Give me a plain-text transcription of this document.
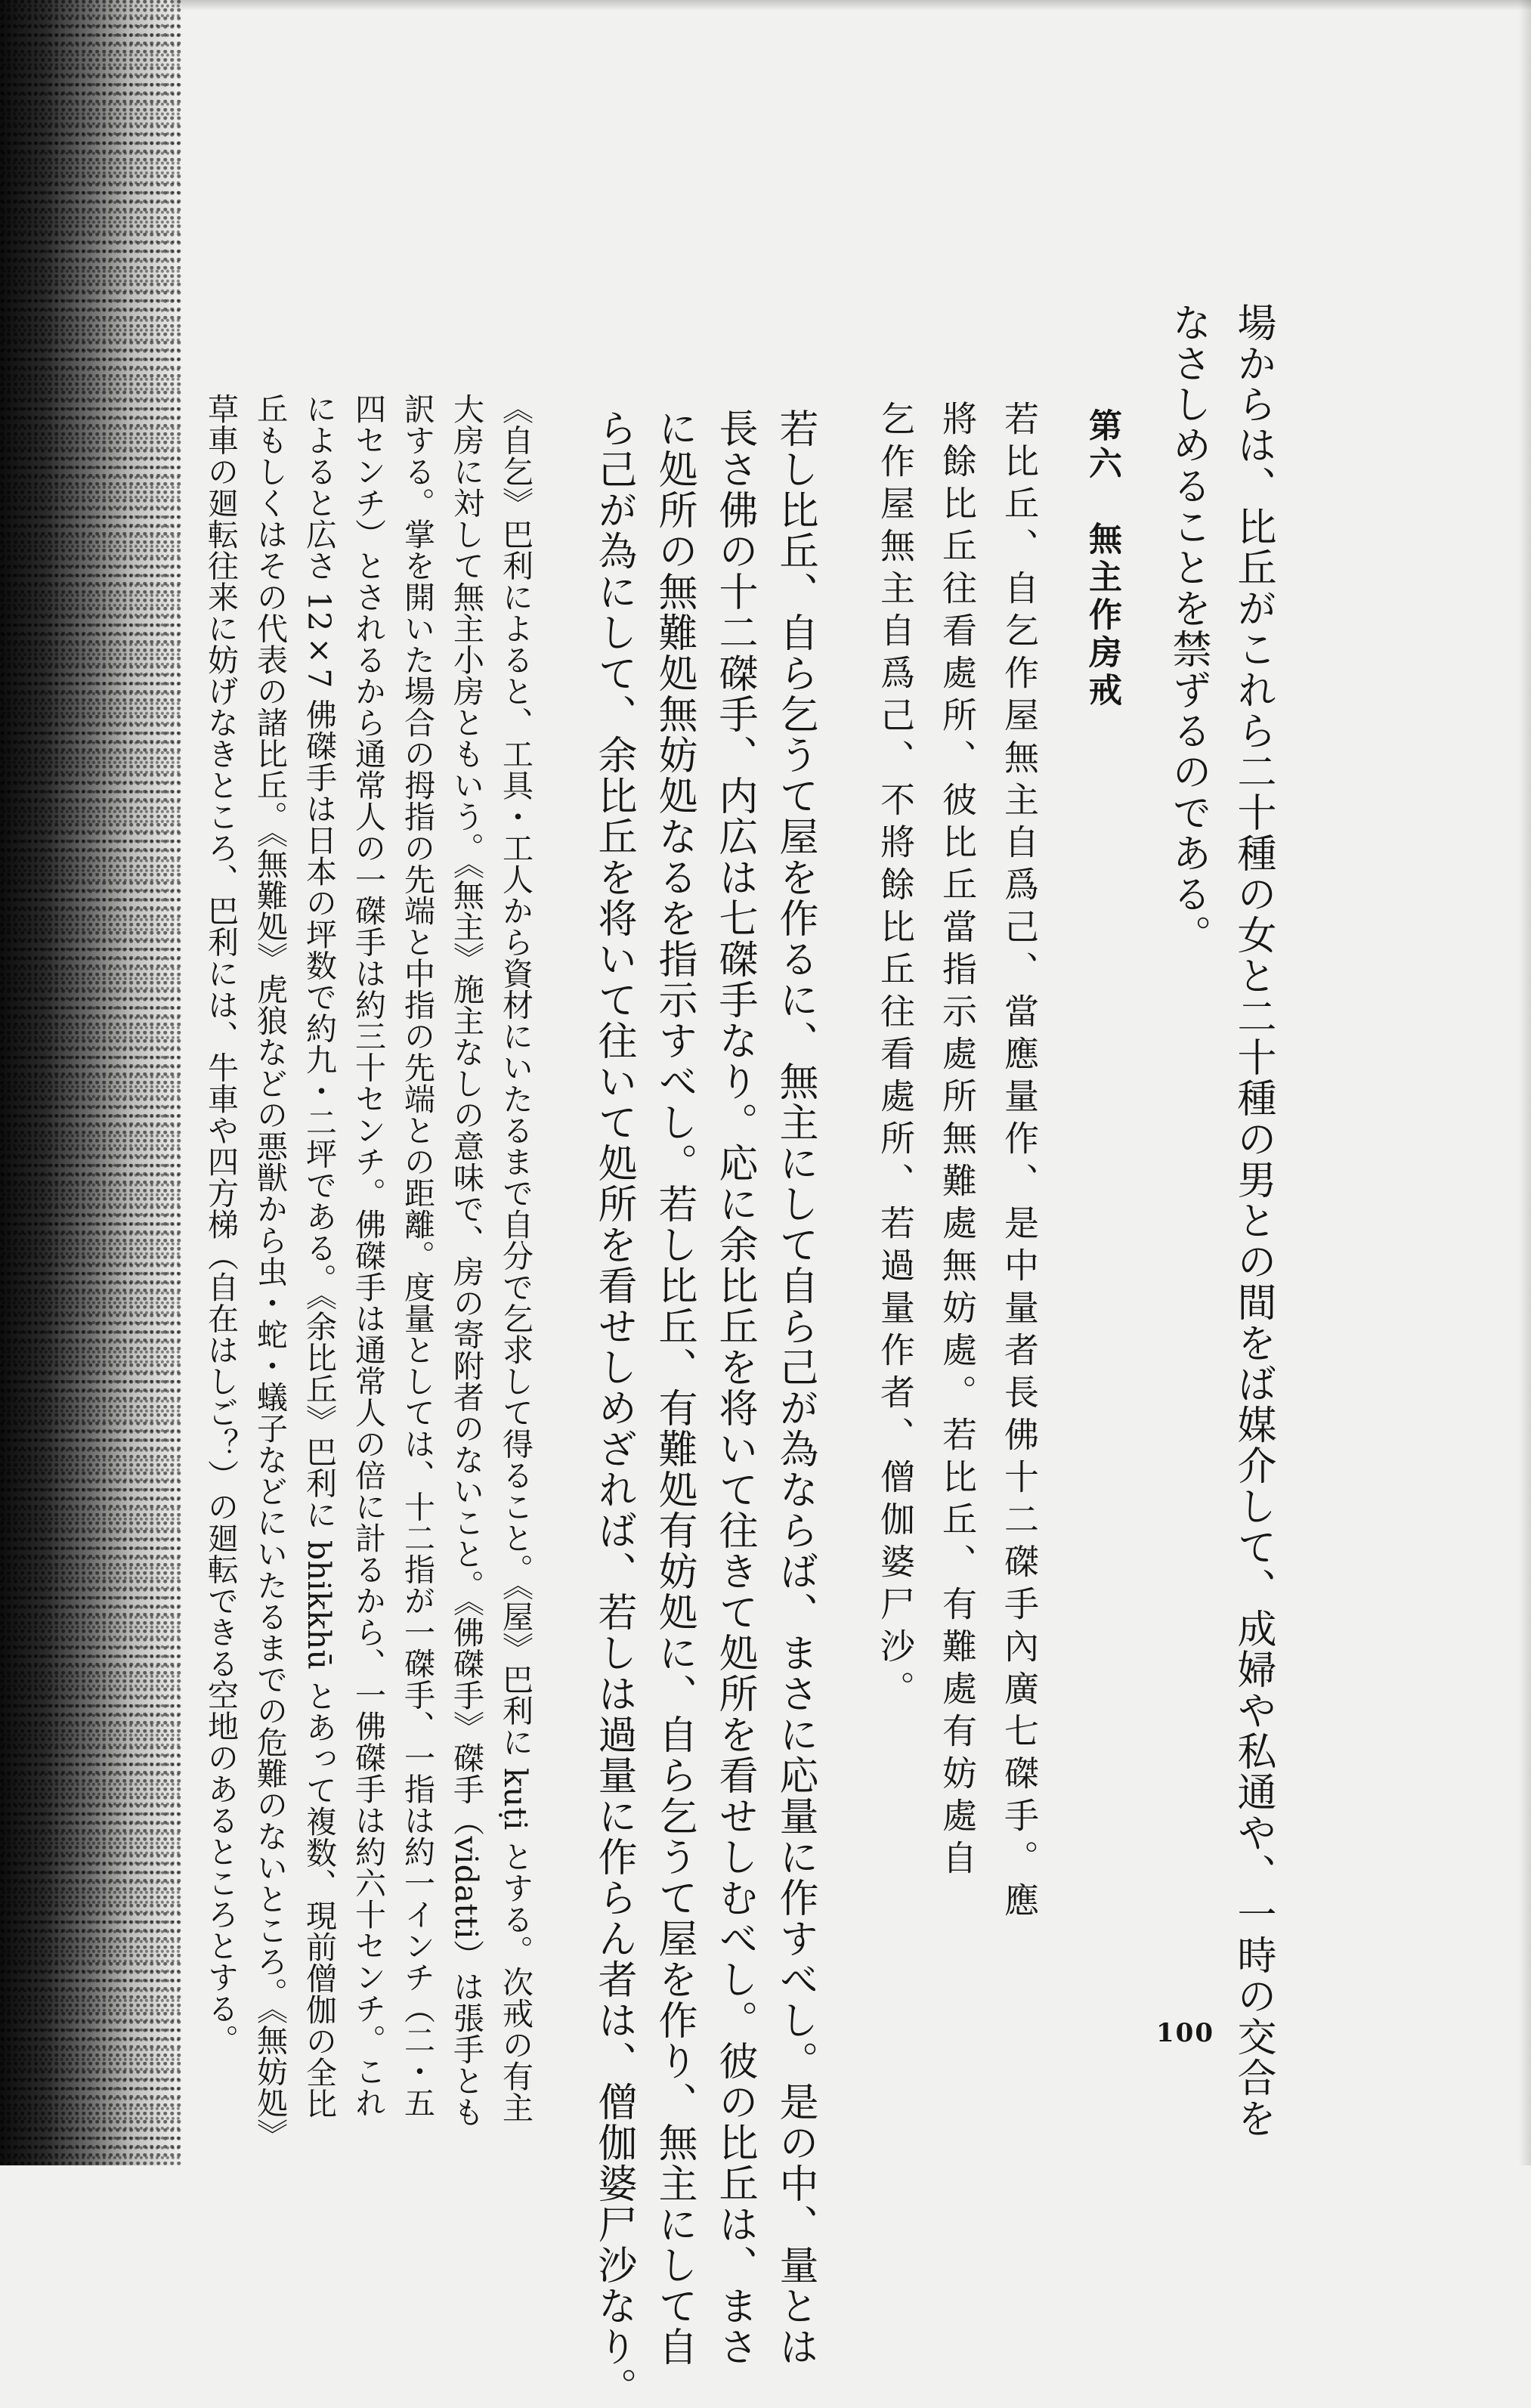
場からは、比丘がこれら二十種の女と二十種の男との間をば媒介して、成婦や私通や、一時の交合を
なさしめることを禁ずるのである。
第六　無主作房戒
若比丘、自乞作屋無主自爲己、當應量作、是中量者長佛十二磔手內廣七磔手。應
將餘比丘往看處所、彼比丘當指示處所無難處無妨處。若比丘、有難處有妨處自
乞作屋無主自爲己、不將餘比丘往看處所、若過量作者、僧伽婆尸沙。
若し比丘、自ら乞うて屋を作るに、無主にして自ら己が為ならば、まさに応量に作すべし。是の中、量とは
長さ佛の十二磔手、内広は七磔手なり。応に余比丘を将いて往きて処所を看せしむべし。彼の比丘は、まさ
に処所の無難処無妨処なるを指示すべし。若し比丘、有難処有妨処に、自ら乞うて屋を作り、無主にして自
ら己が為にして、余比丘を将いて往いて処所を看せしめざれば、若しは過量に作らん者は、僧伽婆尸沙なり。
《自乞》巴利によると、工具・工人から資材にいたるまで自分で乞求して得ること。《屋》巴利に kuṭi とする。次戒の有主
大房に対して無主小房ともいう。《無主》施主なしの意味で、房の寄附者のないこと。《佛磔手》磔手（vidatti）は張手とも
訳する。掌を開いた場合の拇指の先端と中指の先端との距離。度量としては、十二指が一磔手、一指は約一インチ（二・五
四センチ）とされるから通常人の一磔手は約三十センチ。佛磔手は通常人の倍に計るから、一佛磔手は約六十センチ。これ
によると広さ 12×7 佛磔手は日本の坪数で約九・二坪である。《余比丘》巴利に bhikkhū とあって複数、現前僧伽の全比
丘もしくはその代表の諸比丘。《無難処》虎狼などの悪獣から虫・蛇・蟻子などにいたるまでの危難のないところ。《無妨処》
草車の廻転往来に妨げなきところ、巴利には、牛車や四方梯（自在はしご？）の廻転できる空地のあるところとする。	100
